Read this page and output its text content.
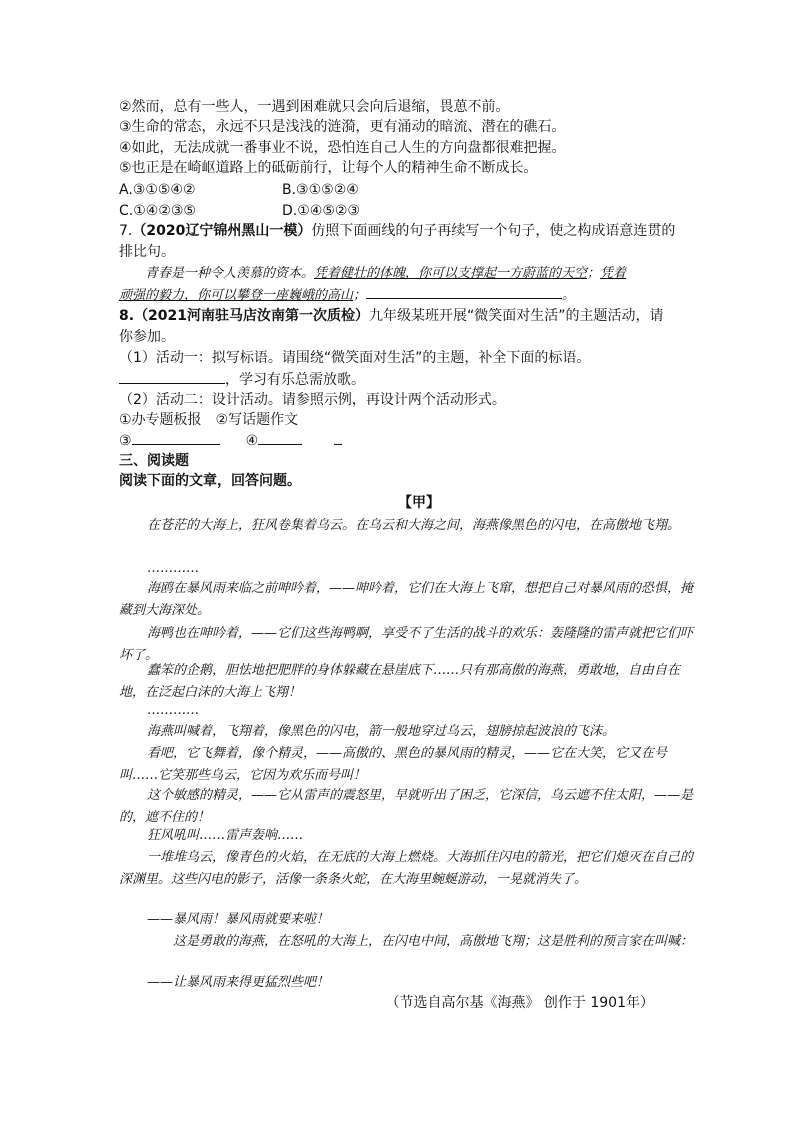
②然而，总有一些人，一遇到困难就只会向后退缩，畏葸不前。
③生命的常态，永远不只是浅浅的涟漪，更有涌动的暗流、潜在的礁石。
④如此，无法成就一番事业不说，恐怕连自己人生的方向盘都很难把握。
⑤也正是在崎岖道路上的砥砺前行，让每个人的精神生命不断成长。
A.③①⑤④②	B.③①⑤②④
C.①④②③⑤	D.①④⑤②③
7.（2020辽宁锦州黑山一模）仿照下面画线的句子再续写一个句子，使之构成语意连贯的
排比句。
青春是一种令人羡慕的资本。凭着健壮的体魄，你可以支撑起一方蔚蓝的天空；凭着
顽强的毅力，你可以攀登一座巍峨的高山；	。
8.（2021河南驻马店汝南第一次质检）九年级某班开展“微笑面对生活”的主题活动，请
你参加。
（1）活动一：拟写标语。请围绕“微笑面对生活”的主题，补全下面的标语。
，学习有乐总需放歌。
（2）活动二：设计活动。请参照示例，再设计两个活动形式。
①办专题板报　②写话题作文
③	④
三、阅读题
阅读下面的文章，回答问题。
【甲】
在苍茫的大海上，狂风卷集着乌云。在乌云和大海之间，海燕像黑色的闪电，在高傲地飞翔。
…………
海鸥在暴风雨来临之前呻吟着，——呻吟着，它们在大海上飞窜，想把自己对暴风雨的恐惧，掩藏到大海深处。
海鸭也在呻吟着，——它们这些海鸭啊，享受不了生活的战斗的欢乐：轰隆隆的雷声就把它们吓坏了。
蠢笨的企鹅，胆怯地把肥胖的身体躲藏在悬崖底下……只有那高傲的海燕，勇敢地，自由自在地，在泛起白沫的大海上飞翔！
…………
海燕叫喊着，飞翔着，像黑色的闪电，箭一般地穿过乌云，翅膀掠起波浪的飞沫。
看吧，它飞舞着，像个精灵，——高傲的、黑色的暴风雨的精灵，——它在大笑，它又在号叫……它笑那些乌云，它因为欢乐而号叫！
这个敏感的精灵，——它从雷声的震怒里，早就听出了困乏，它深信，乌云遮不住太阳，——是的，遮不住的！
狂风吼叫……雷声轰响……
一堆堆乌云，像青色的火焰，在无底的大海上燃烧。大海抓住闪电的箭光，把它们熄灭在自己的深渊里。这些闪电的影子，活像一条条火蛇，在大海里蜿蜒游动，一晃就消失了。
——暴风雨！暴风雨就要来啦！
这是勇敢的海燕，在怒吼的大海上，在闪电中间，高傲地飞翔；这是胜利的预言家在叫喊：
——让暴风雨来得更猛烈些吧！
（节选自高尔基《海燕》 创作于 1901年）
